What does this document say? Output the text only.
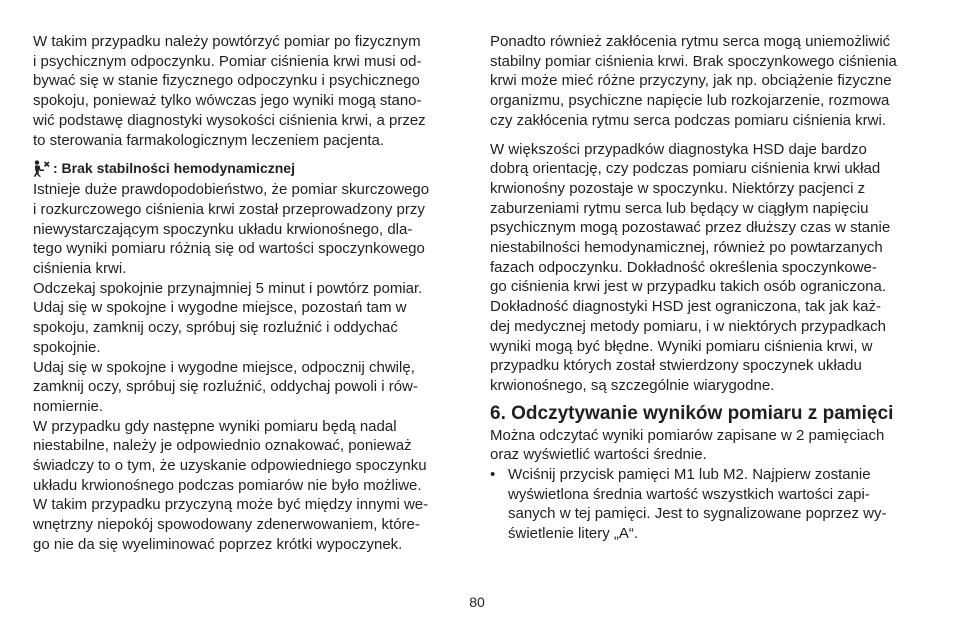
W takim przypadku należy powtórzyć pomiar po fizycznym
i psychicznym odpoczynku. Pomiar ciśnienia krwi musi od-
bywać się w stanie fizycznego odpoczynku i psychicznego
spokoju, ponieważ tylko wówczas jego wyniki mogą stano-
wić podstawę diagnostyki wysokości ciśnienia krwi, a przez
to sterowania farmakologicznym leczeniem pacjenta.

: Brak stabilności hemodynamicznej

Istnieje duże prawdopodobieństwo, że pomiar skurczowego
i rozkurczowego ciśnienia krwi został przeprowadzony przy
niewystarczającym spoczynku układu krwionośnego, dla-
tego wyniki pomiaru różnią się od wartości spoczynkowego
ciśnienia krwi.
Odczekaj spokojnie przynajmniej 5 minut i powtórz pomiar.
Udaj się w spokojne i wygodne miejsce, pozostań tam w
spokoju, zamknij oczy, spróbuj się rozluźnić i oddychać
spokojnie.
Udaj się w spokojne i wygodne miejsce, odpocznij chwilę,
zamknij oczy, spróbuj się rozluźnić, oddychaj powoli i rów-
nomiernie.
W przypadku gdy następne wyniki pomiaru będą nadal
niestabilne, należy je odpowiednio oznakować, ponieważ
świadczy to o tym, że uzyskanie odpowiedniego spoczynku
układu krwionośnego podczas pomiarów nie było możliwe.
W takim przypadku przyczyną może być między innymi we-
wnętrzny niepokój spowodowany zdenerwowaniem, które-
go nie da się wyeliminować poprzez krótki wypoczynek.

Ponadto również zakłócenia rytmu serca mogą uniemożliwić
stabilny pomiar ciśnienia krwi. Brak spoczynkowego ciśnienia
krwi może mieć różne przyczyny, jak np. obciążenie fizyczne
organizmu, psychiczne napięcie lub rozkojarzenie, rozmowa
czy zakłócenia rytmu serca podczas pomiaru ciśnienia krwi.

W większości przypadków diagnostyka HSD daje bardzo
dobrą orientację, czy podczas pomiaru ciśnienia krwi układ
krwionośny pozostaje w spoczynku. Niektórzy pacjenci z
zaburzeniami rytmu serca lub będący w ciągłym napięciu
psychicznym mogą pozostawać przez dłuższy czas w stanie
niestabilności hemodynamicznej, również po powtarzanych
fazach odpoczynku. Dokładność określenia spoczynkowe-
go ciśnienia krwi jest w przypadku takich osób ograniczona.
Dokładność diagnostyki HSD jest ograniczona, tak jak każ-
dej medycznej metody pomiaru, i w niektórych przypadkach
wyniki mogą być błędne. Wyniki pomiaru ciśnienia krwi, w
przypadku których został stwierdzony spoczynek układu
krwionośnego, są szczególnie wiarygodne.

6. Odczytywanie wyników pomiaru z pamięci

Można odczytać wyniki pomiarów zapisane w 2 pamięciach
oraz wyświetlić wartości średnie.

• Wciśnij przycisk pamięci M1 lub M2. Najpierw zostanie
wyświetlona średnia wartość wszystkich wartości zapi-
sanych w tej pamięci. Jest to sygnalizowane poprzez wy-
świetlenie litery „A“.

80
